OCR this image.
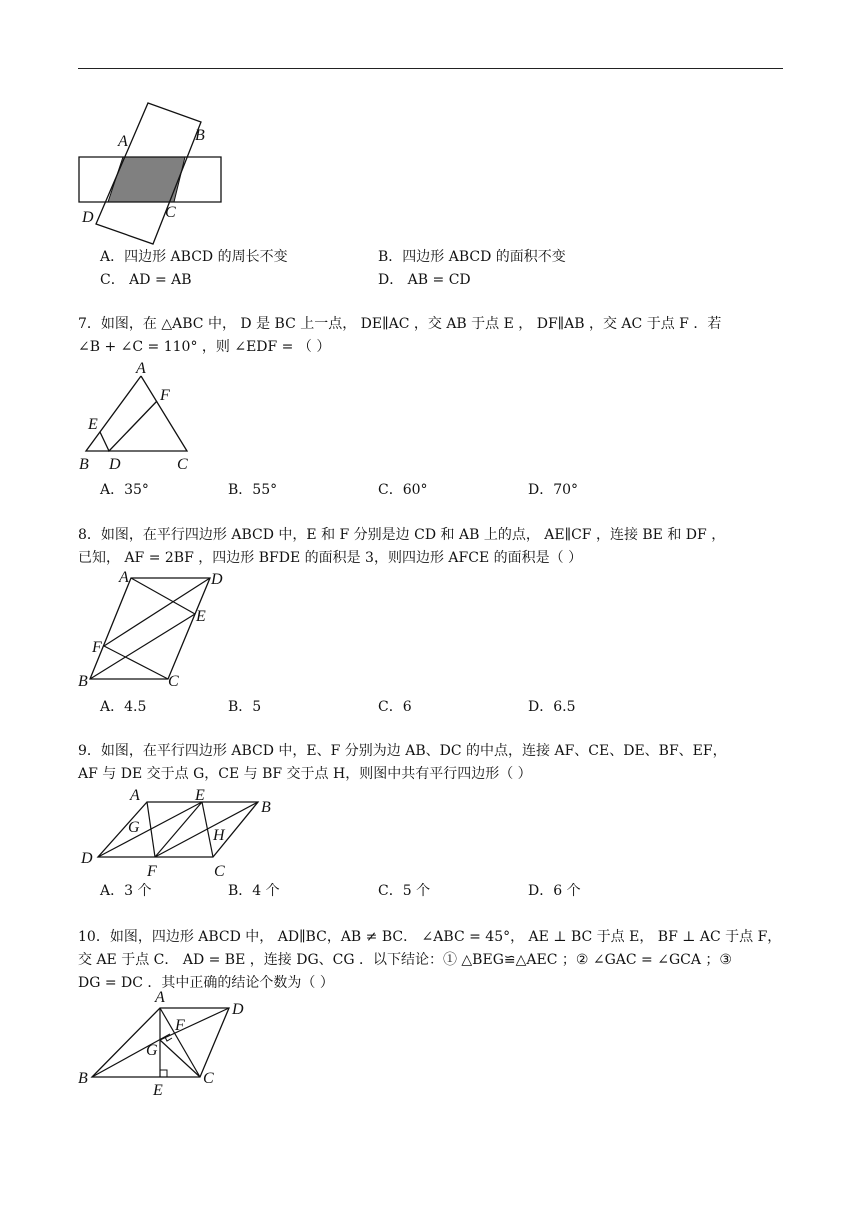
A	B
C
D
A．四边形 ABCD 的周长不变	B．四边形 ABCD 的面积不变
C． AD = AB	D． AB = CD
7．如图，在 △ABC 中， D 是 BC 上一点， DE∥AC ，交 AB 于点 E ， DF∥AB ，交 AC 于点 F ．若
∠B + ∠C = 110° ，则 ∠EDF = （ ）
A
F
E
B D	C
A．35°	B．55°	C．60°	D．70°
8．如图，在平行四边形 ABCD 中，E 和 F 分别是边 CD 和 AB 上的点， AE∥CF ，连接 BE 和 DF ，
已知， AF = 2BF ，四边形 BFDE 的面积是 3，则四边形 AFCE 的面积是（ ）
A	D
E
F
B	C
A．4.5	B．5	C．6	D．6.5
9．如图，在平行四边形 ABCD 中，E、F 分别为边 AB、DC 的中点，连接 AF、CE、DE、BF、EF，
AF 与 DE 交于点 G，CE 与 BF 交于点 H，则图中共有平行四边形（ ）
A	E
B
G	H
D
F	C
A．3 个	B．4 个	C．5 个	D．6 个
10．如图，四边形 ABCD 中， AD∥BC，AB ≠ BC． ∠ABC = 45°， AE ⊥ BC 于点 E， BF ⊥ AC 于点 F，
交 AE 于点 C． AD = BE ，连接 DG、CG ．以下结论：① △BEG≌△AEC ；② ∠GAC = ∠GCA ；③
DG = DC ．其中正确的结论个数为（ ）
A
D
F
G
B	C
E
